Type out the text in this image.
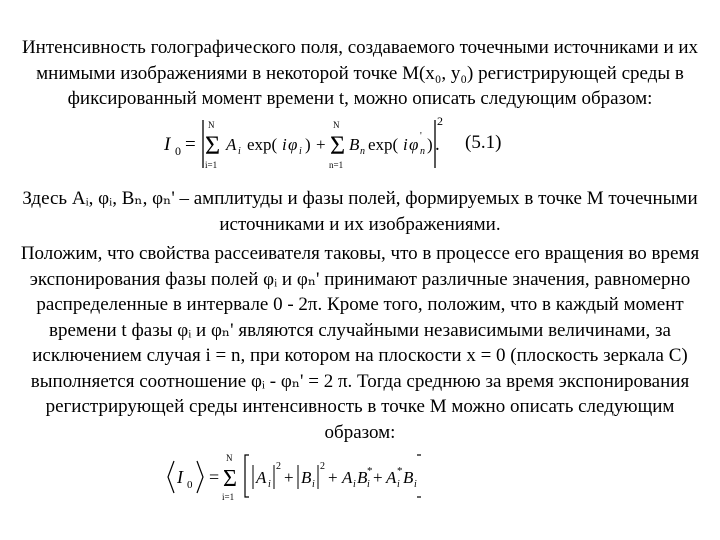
Интенсивность голографического поля, создаваемого точечными источниками и их мнимыми изображениями в некоторой точке M(x₀, y₀) регистрирующей среды в фиксированный момент времени t, можно описать следующим образом:

I 0 =
N
Σ
i=1
A i exp( i φ i ) +
N
Σ
n=1
B n exp( i φ n
' )
2
. (5.1)

Здесь Aᵢ, φᵢ, Bₙ, φₙ' – амплитуды и фазы полей, формируемых в точке M точечными источниками и их изображениями.

Положим, что свойства рассеивателя таковы, что в процессе его вращения во время экспонирования фазы полей φᵢ и φₙ' принимают различные значения, равномерно распределенные в интервале 0 - 2π. Кроме того, положим, что в каждый момент времени t фазы φᵢ и φₙ' являются случайными независимыми величинами, за исключением случая i = n, при котором на плоскости x = 0 (плоскость зеркала С) выполняется соотношение φᵢ - φₙ' = 2 π. Тогда среднюю за время экспонирования регистрирующей среды интенсивность в точке M можно описать следующим образом:

I 0 =
N
Σ
i=1
A i
2
+ B i
2
+ A i B *
i + A *
i B i
